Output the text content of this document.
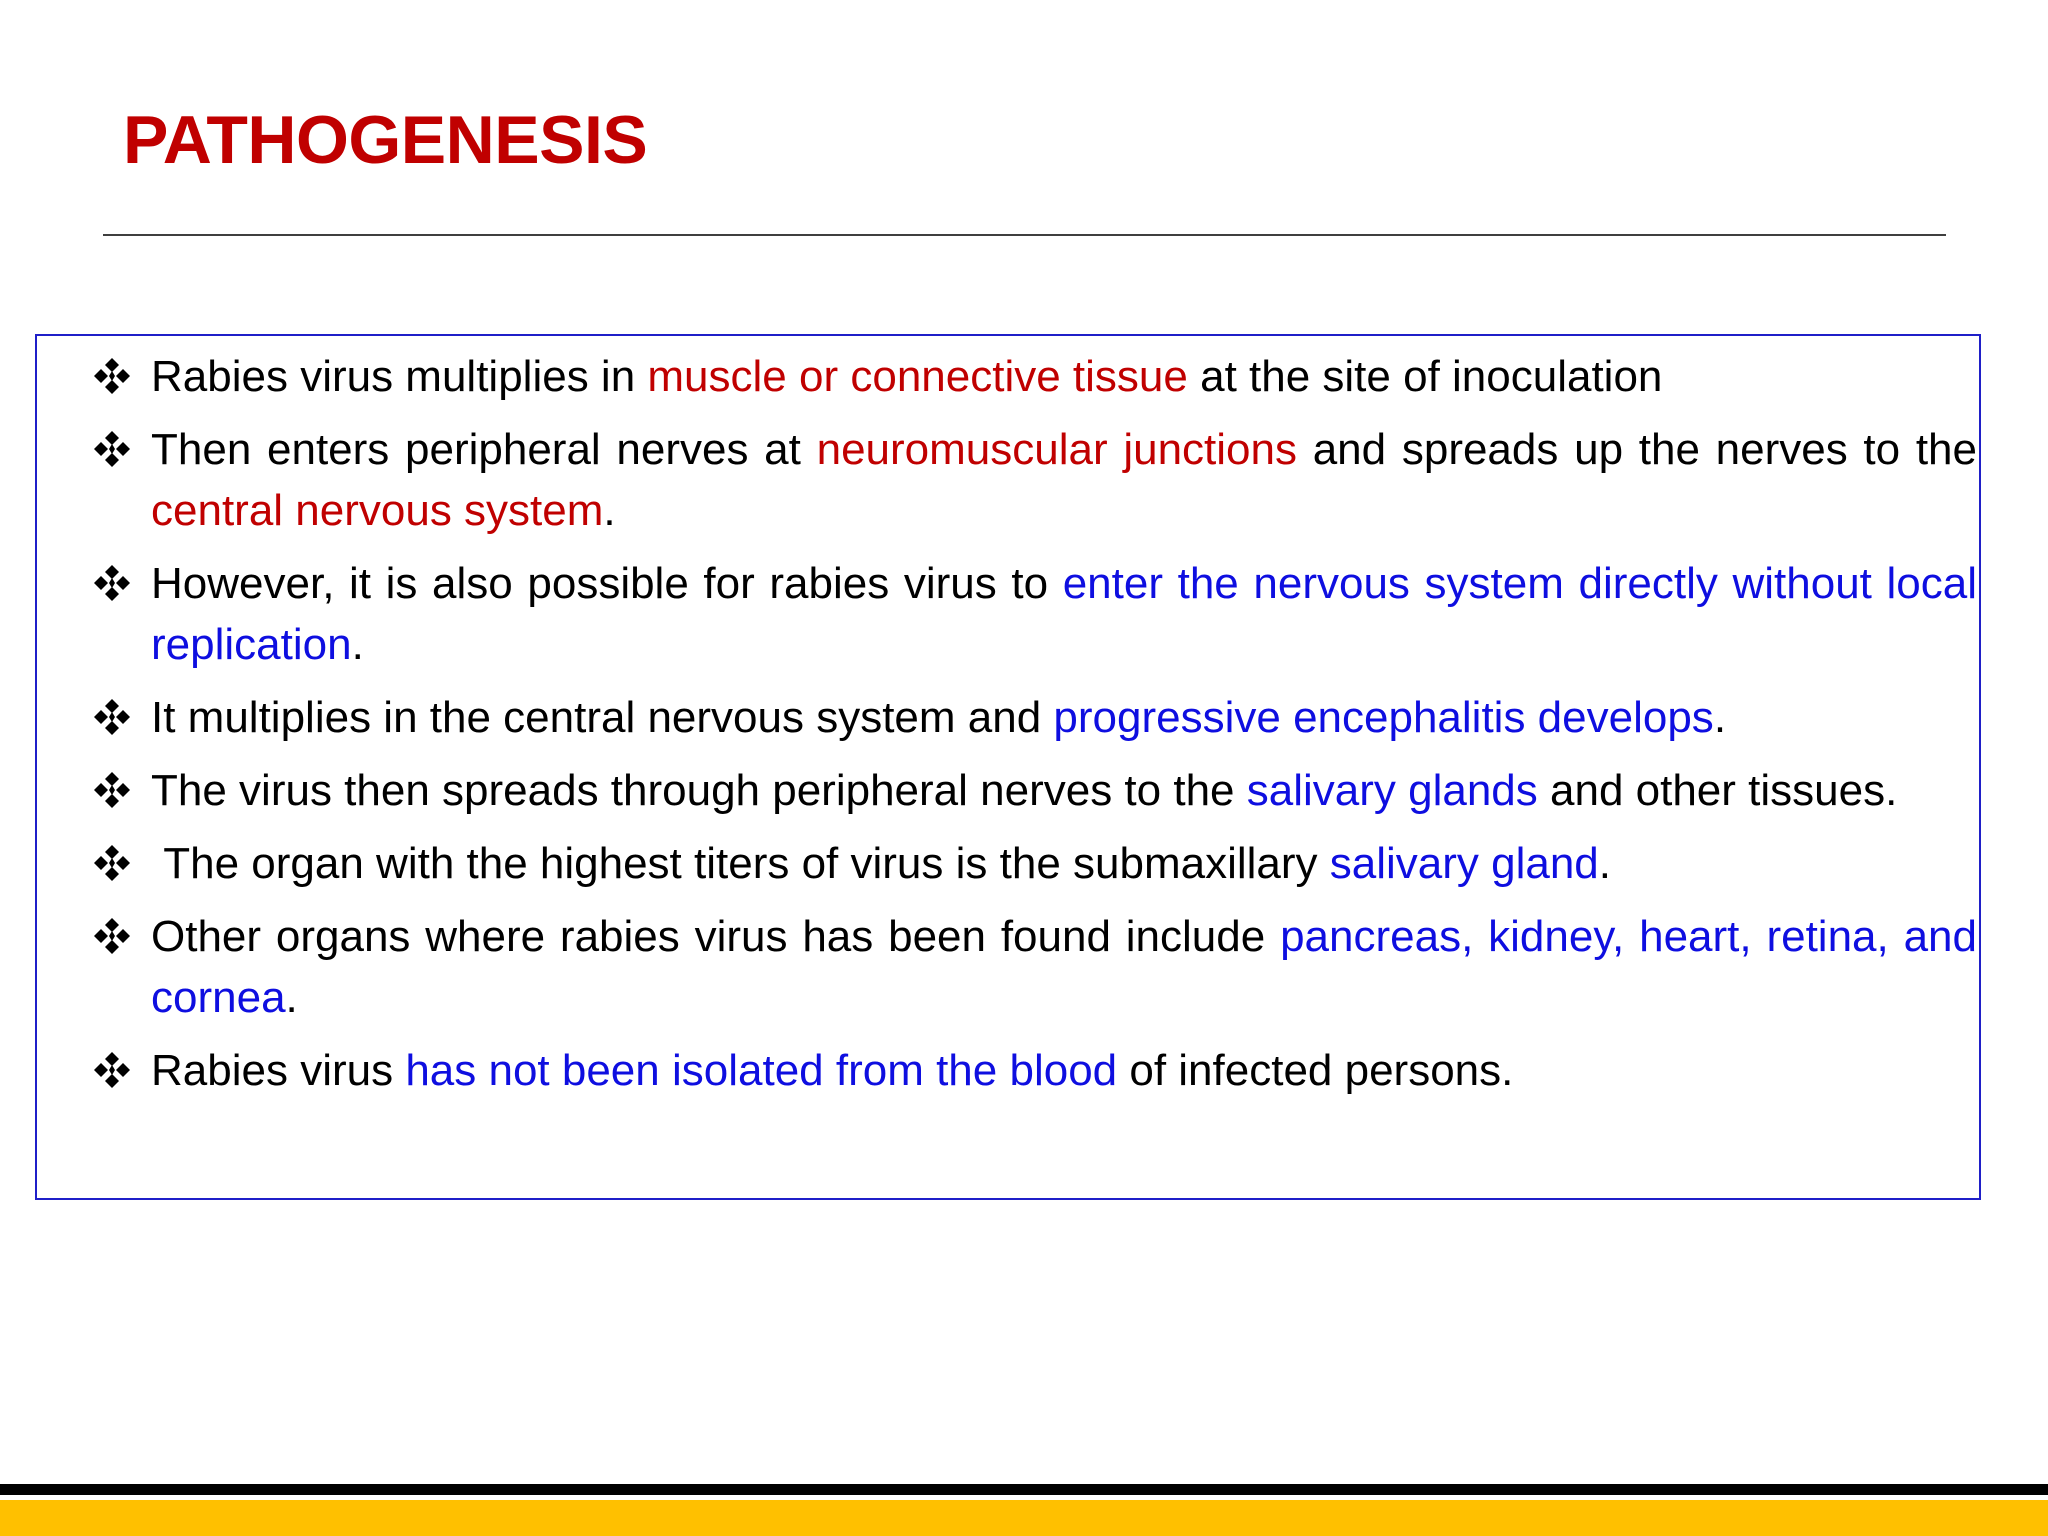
PATHOGENESIS
Rabies virus multiplies in muscle or connective tissue at the site of inoculation
Then enters peripheral nerves at neuromuscular junctions and spreads up the nerves to the central nervous system.
However, it is also possible for rabies virus to enter the nervous system directly without local replication.
It multiplies in the central nervous system and progressive encephalitis develops.
The virus then spreads through peripheral nerves to the salivary glands and other tissues.
The organ with the highest titers of virus is the submaxillary salivary gland.
Other organs where rabies virus has been found include pancreas, kidney, heart, retina, and cornea.
Rabies virus has not been isolated from the blood of infected persons.
